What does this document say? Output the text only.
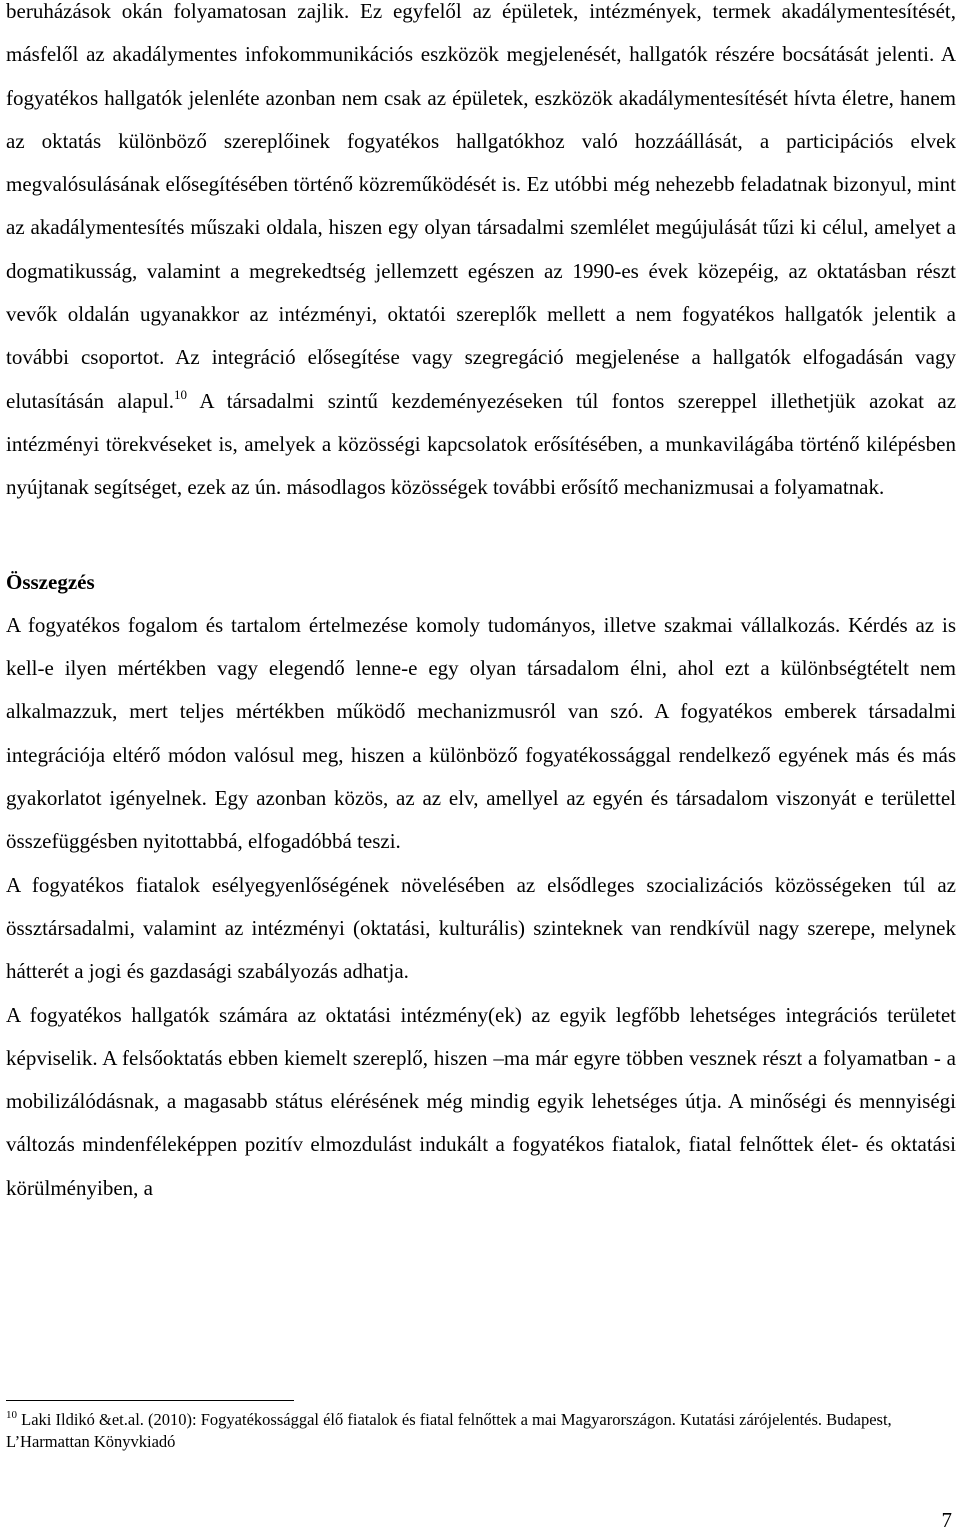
beruházások okán folyamatosan zajlik. Ez egyfelől az épületek, intézmények, termek akadálymentesítését, másfelől az akadálymentes infokommunikációs eszközök megjelenését, hallgatók részére bocsátását jelenti. A fogyatékos hallgatók jelenléte azonban nem csak az épületek, eszközök akadálymentesítését hívta életre, hanem az oktatás különböző szereplőinek fogyatékos hallgatókhoz való hozzáállását, a participációs elvek megvalósulásának elősegítésében történő közreműködését is. Ez utóbbi még nehezebb feladatnak bizonyul, mint az akadálymentesítés műszaki oldala, hiszen egy olyan társadalmi szemlélet megújulását tűzi ki célul, amelyet a dogmatikusság, valamint a megrekedtség jellemzett egészen az 1990-es évek közepéig, az oktatásban részt vevők oldalán ugyanakkor az intézményi, oktatói szereplők mellett a nem fogyatékos hallgatók jelentik a további csoportot. Az integráció elősegítése vagy szegregáció megjelenése a hallgatók elfogadásán vagy elutasításán alapul.$^{10}$ A társadalmi szintű kezdeményezéseken túl fontos szereppel illethetjük azokat az intézményi törekvéseket is, amelyek a közösségi kapcsolatok erősítésében, a munkavilágába történő kilépésben nyújtanak segítséget, ezek az ún. másodlagos közösségek további erősítő mechanizmusai a folyamatnak.

Összegzés

A fogyatékos fogalom és tartalom értelmezése komoly tudományos, illetve szakmai vállalkozás. Kérdés az is kell-e ilyen mértékben vagy elegendő lenne-e egy olyan társadalom élni, ahol ezt a különbségtételt nem alkalmazzuk, mert teljes mértékben működő mechanizmusról van szó. A fogyatékos emberek társadalmi integrációja eltérő módon valósul meg, hiszen a különböző fogyatékossággal rendelkező egyének más és más gyakorlatot igényelnek. Egy azonban közös, az az elv, amellyel az egyén és társadalom viszonyát e területtel összefüggésben nyitottabbá, elfogadóbbá teszi.

A fogyatékos fiatalok esélyegyenlőségének növelésében az elsődleges szocializációs közösségeken túl az össztársadalmi, valamint az intézményi (oktatási, kulturális) szinteknek van rendkívül nagy szerepe, melynek hátterét a jogi és gazdasági szabályozás adhatja.

A fogyatékos hallgatók számára az oktatási intézmény(ek) az egyik legfőbb lehetséges integrációs területet képviselik. A felsőoktatás ebben kiemelt szereplő, hiszen –ma már egyre többen vesznek részt a folyamatban - a mobilizálódásnak, a magasabb státus elérésének még mindig egyik lehetséges útja. A minőségi és mennyiségi változás mindenféleképpen pozitív elmozdulást indukált a fogyatékos fiatalok, fiatal felnőttek élet- és oktatási körülményiben, a

$^{10}$ Laki Ildikó &et.al. (2010): Fogyatékossággal élő fiatalok és fiatal felnőttek a mai Magyarországon. Kutatási zárójelentés. Budapest, L’Harmattan Könyvkiadó

7
